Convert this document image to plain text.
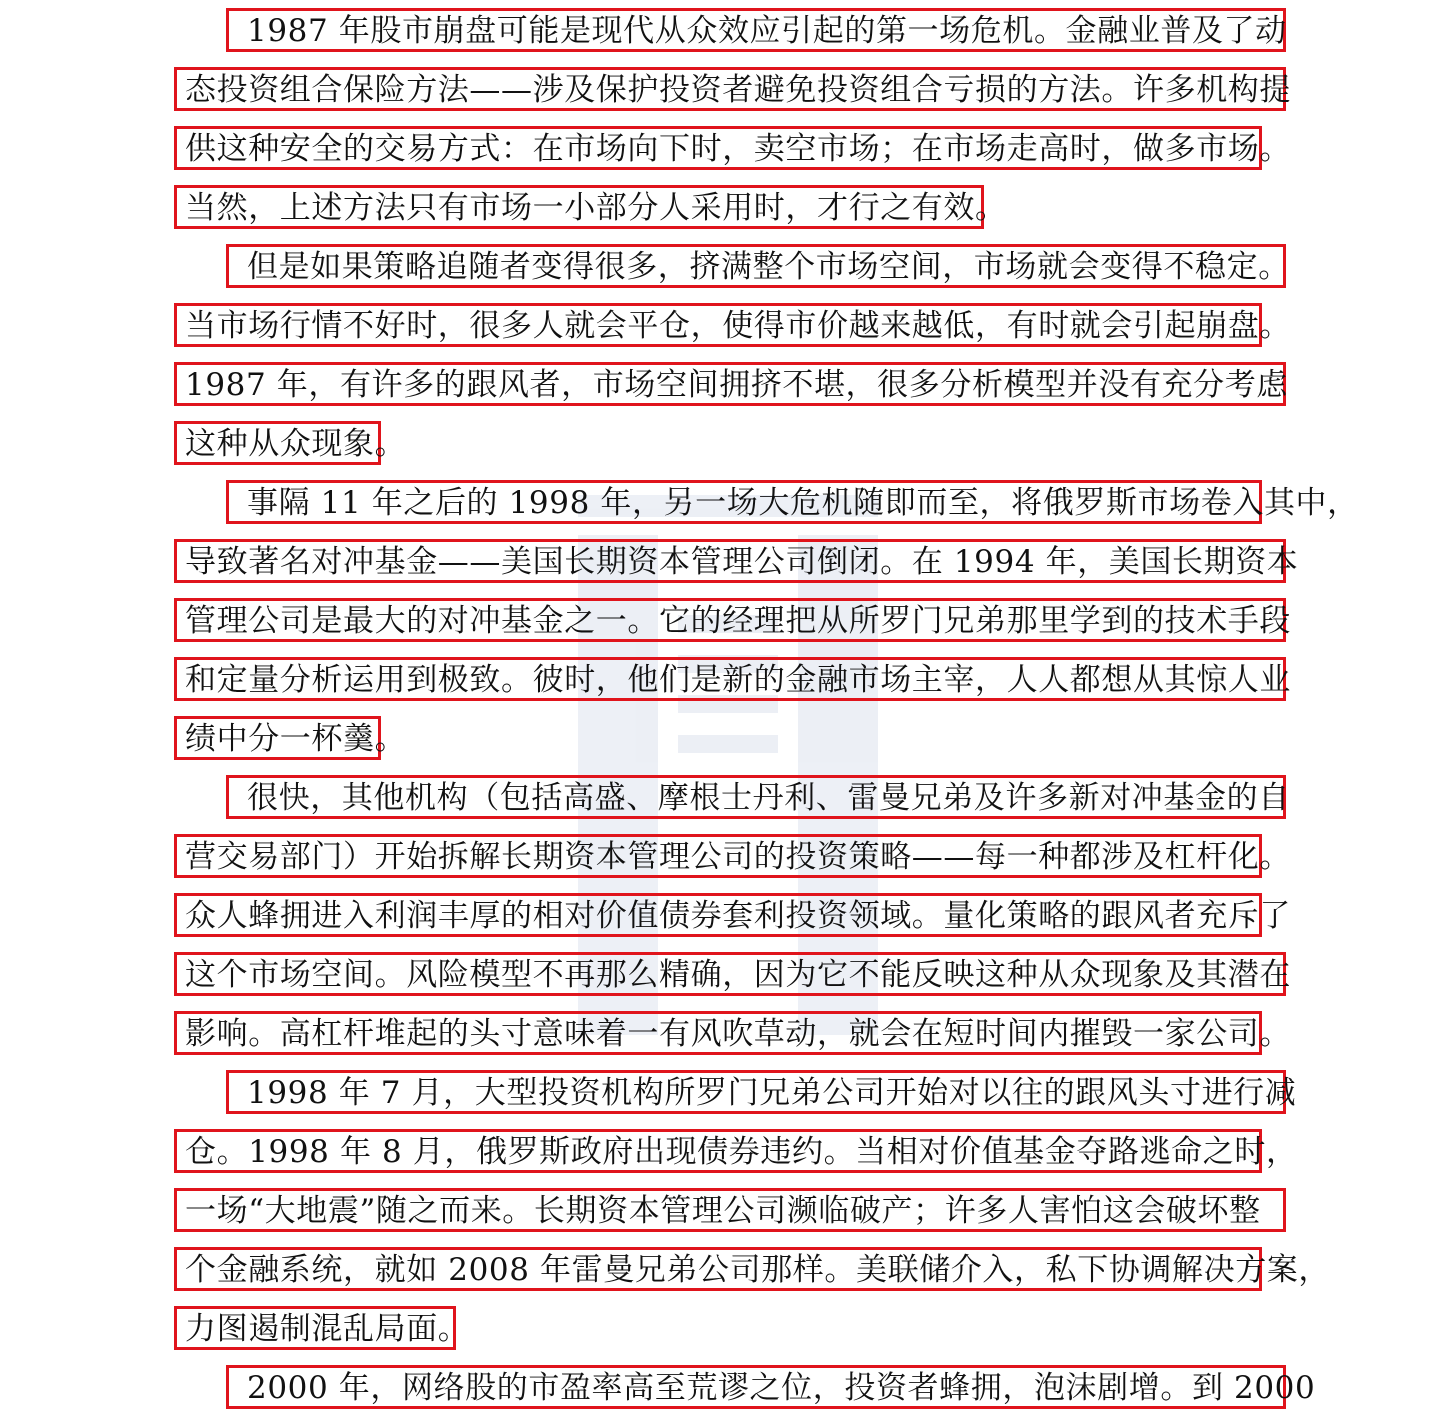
1987 年股市崩盘可能是现代从众效应引起的第一场危机。金融业普及了动
态投资组合保险方法——涉及保护投资者避免投资组合亏损的方法。许多机构提
供这种安全的交易方式：在市场向下时，卖空市场；在市场走高时，做多市场。
当然，上述方法只有市场一小部分人采用时，才行之有效。
但是如果策略追随者变得很多，挤满整个市场空间，市场就会变得不稳定。
当市场行情不好时，很多人就会平仓，使得市价越来越低，有时就会引起崩盘。
1987 年，有许多的跟风者，市场空间拥挤不堪，很多分析模型并没有充分考虑
这种从众现象。
事隔 11 年之后的 1998 年，另一场大危机随即而至，将俄罗斯市场卷入其中，
导致著名对冲基金——美国长期资本管理公司倒闭。在 1994 年，美国长期资本
管理公司是最大的对冲基金之一。它的经理把从所罗门兄弟那里学到的技术手段
和定量分析运用到极致。彼时，他们是新的金融市场主宰，人人都想从其惊人业
绩中分一杯羹。
很快，其他机构（包括高盛、摩根士丹利、雷曼兄弟及许多新对冲基金的自
营交易部门）开始拆解长期资本管理公司的投资策略——每一种都涉及杠杆化。
众人蜂拥进入利润丰厚的相对价值债券套利投资领域。量化策略的跟风者充斥了
这个市场空间。风险模型不再那么精确，因为它不能反映这种从众现象及其潜在
影响。高杠杆堆起的头寸意味着一有风吹草动，就会在短时间内摧毁一家公司。
1998 年 7 月，大型投资机构所罗门兄弟公司开始对以往的跟风头寸进行减
仓。1998 年 8 月，俄罗斯政府出现债券违约。当相对价值基金夺路逃命之时，
一场“大地震”随之而来。长期资本管理公司濒临破产；许多人害怕这会破坏整
个金融系统，就如 2008 年雷曼兄弟公司那样。美联储介入，私下协调解决方案，
力图遏制混乱局面。
2000 年，网络股的市盈率高至荒谬之位，投资者蜂拥，泡沫剧增。到 2000
